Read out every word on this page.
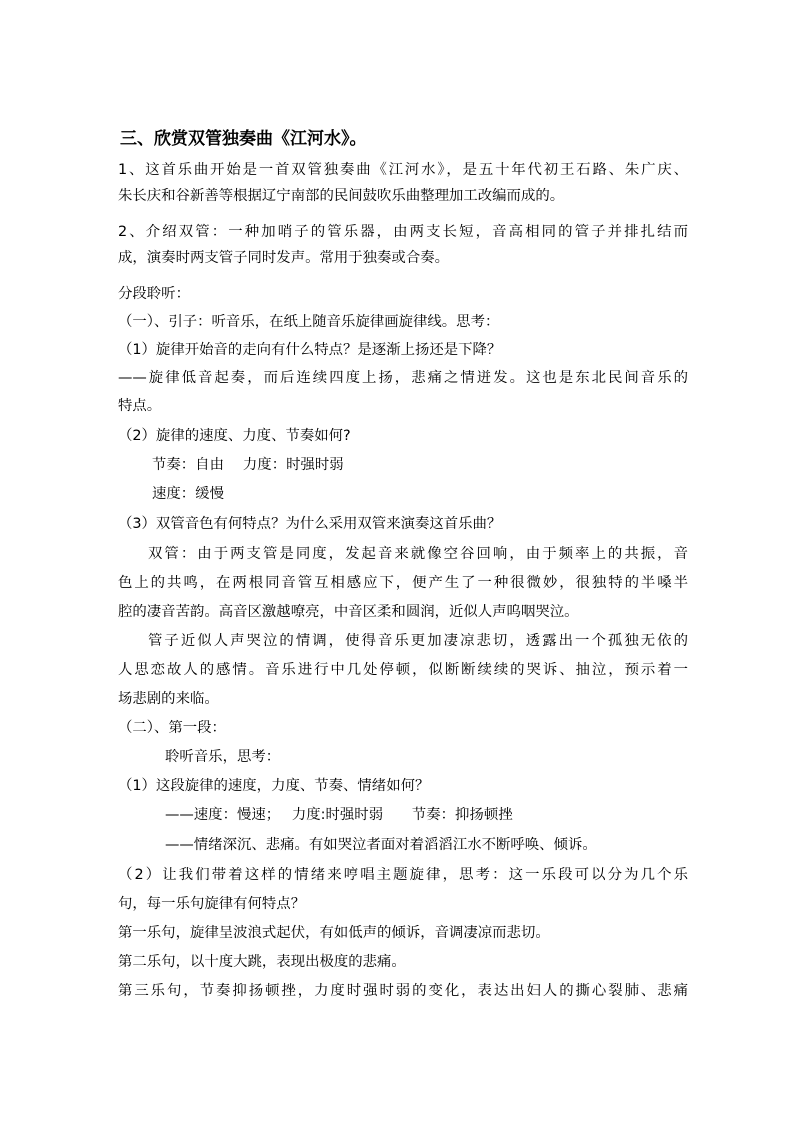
三、欣赏双管独奏曲《江河水》。
1、这首乐曲开始是一首双管独奏曲《江河水》，是五十年代初王石路、朱广庆、
朱长庆和谷新善等根据辽宁南部的民间鼓吹乐曲整理加工改编而成的。
2、介绍双管：一种加哨子的管乐器，由两支长短，音高相同的管子并排扎结而
成，演奏时两支管子同时发声。常用于独奏或合奏。
分段聆听：
（一）、引子：听音乐，在纸上随音乐旋律画旋律线。思考：
（1）旋律开始音的走向有什么特点？是逐渐上扬还是下降？
——旋律低音起奏，而后连续四度上扬，悲痛之情迸发。这也是东北民间音乐的
特点。
（2）旋律的速度、力度、节奏如何?
节奏：自由　 力度：时强时弱
速度：缓慢
（3）双管音色有何特点？为什么采用双管来演奏这首乐曲？
双管：由于两支管是同度，发起音来就像空谷回响，由于频率上的共振，音
色上的共鸣，在两根同音管互相感应下，便产生了一种很微妙，很独特的半嗓半
腔的凄音苦韵。高音区激越嘹亮，中音区柔和圆润，近似人声呜咽哭泣。
管子近似人声哭泣的情调，使得音乐更加凄凉悲切，透露出一个孤独无依的
人思恋故人的感情。音乐进行中几处停顿，似断断续续的哭诉、抽泣，预示着一
场悲剧的来临。
（二）、第一段：
聆听音乐，思考：
（1）这段旋律的速度，力度、节奏、情绪如何？
——速度：慢速；　 力度:时强时弱　　节奏：抑扬顿挫
——情绪深沉、悲痛。有如哭泣者面对着滔滔江水不断呼唤、倾诉。
（2）让我们带着这样的情绪来哼唱主题旋律，思考：这一乐段可以分为几个乐
句，每一乐句旋律有何特点？
第一乐句，旋律呈波浪式起伏，有如低声的倾诉，音调凄凉而悲切。
第二乐句，以十度大跳，表现出极度的悲痛。
第三乐句，节奏抑扬顿挫，力度时强时弱的变化，表达出妇人的撕心裂肺、悲痛
